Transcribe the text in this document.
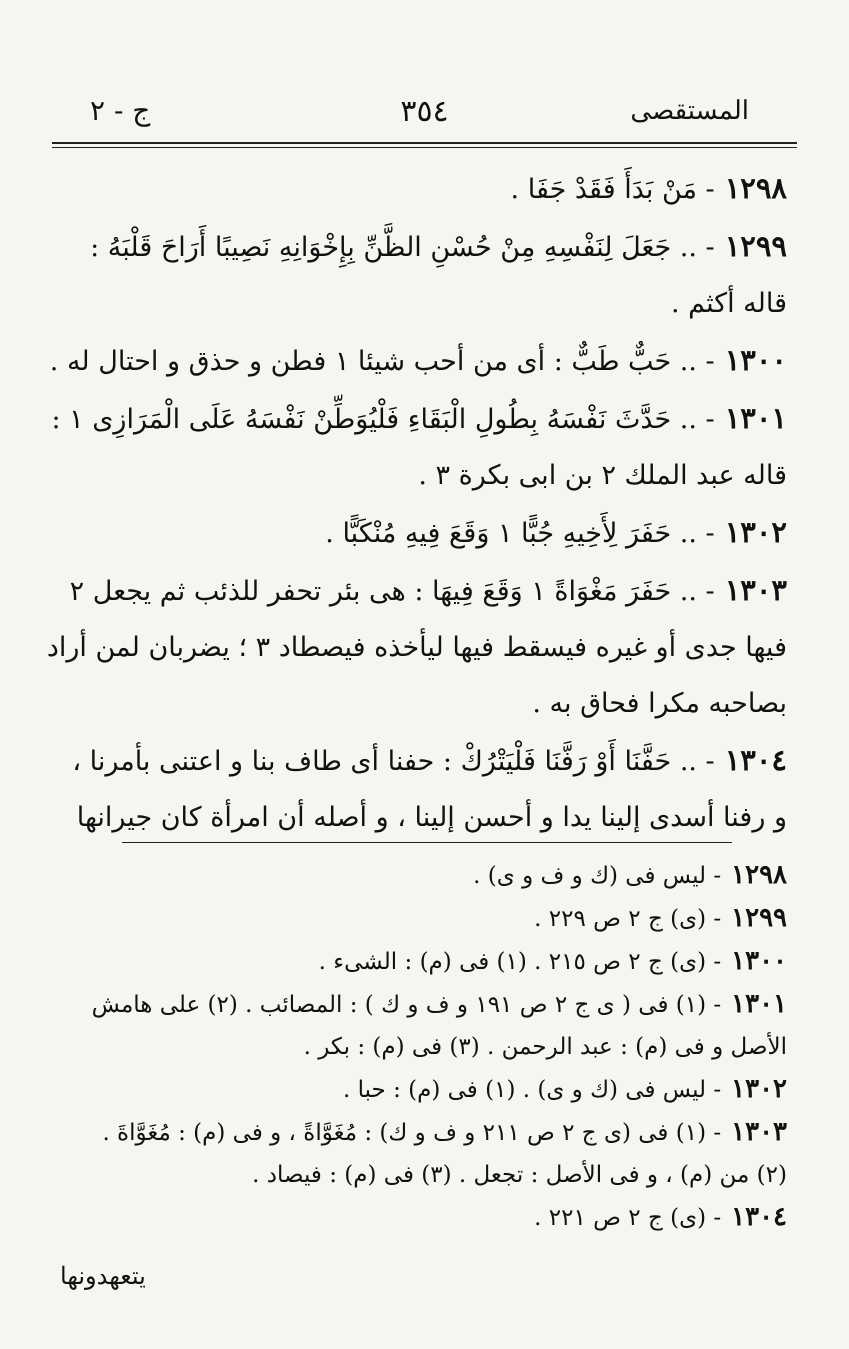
المستقصى
٣٥٤
ج - ٢
١٢٩٨- مَنْ بَدَأَ فَقَدْ جَفَا .
١٢٩٩- .. جَعَلَ لِنَفْسِهِ مِنْ حُسْنِ الظَّنِّ بِإِخْوَانِهِ نَصِيبًا أَرَاحَ قَلْبَهُ :
قاله أكثم .
١٣٠٠- .. حَبٌّ طَبٌّ : أى من أحب شيئا ١ فطن و حذق و احتال له .
١٣٠١- .. حَدَّثَ نَفْسَهُ بِطُولِ الْبَقَاءِ فَلْيُوَطِّنْ نَفْسَهُ عَلَى الْمَرَازِى ١ :
قاله عبد الملك ٢ بن ابى بكرة ٣ .
١٣٠٢- .. حَفَرَ لِأَخِيهِ جُبًّا ١ وَقَعَ فِيهِ مُنْكَبًّا .
١٣٠٣- .. حَفَرَ مَغْوَاةً ١ وَقَعَ فِيهَا : هى بئر تحفر للذئب ثم يجعل ٢
فيها جدى أو غيره فيسقط فيها ليأخذه فيصطاد ٣ ؛ يضربان لمن أراد
بصاحبه مكرا فحاق به .
١٣٠٤- .. حَفَّنَا أَوْ رَفَّنَا فَلْيَتْرُكْ : حفنا أى طاف بنا و اعتنى بأمرنا ،
و رفنا أسدى إلينا يدا و أحسن إلينا ، و أصله أن امرأة كان جيرانها
١٢٩٨- ليس فى (ك و ف و ى) .
١٢٩٩- (ى) ج ٢ ص ٢٢٩ .
١٣٠٠- (ى) ج ٢ ص ٢١٥ . (١) فى (م) : الشىء .
١٣٠١- (١) فى ( ى ج ٢ ص ١٩١ و ف و ك ) : المصائب . (٢) على هامش
الأصل و فى (م) : عبد الرحمن . (٣) فى (م) : بكر .
١٣٠٢- ليس فى (ك و ى) . (١) فى (م) : حبا .
١٣٠٣- (١) فى (ى ج ٢ ص ٢١١ و ف و ك) : مُغَوَّاةً ، و فى (م) : مُغَوَّاةَ .
(٢) من (م) ، و فى الأصل : تجعل . (٣) فى (م) : فيصاد .
١٣٠٤- (ى) ج ٢ ص ٢٢١ .
يتعهدونها
